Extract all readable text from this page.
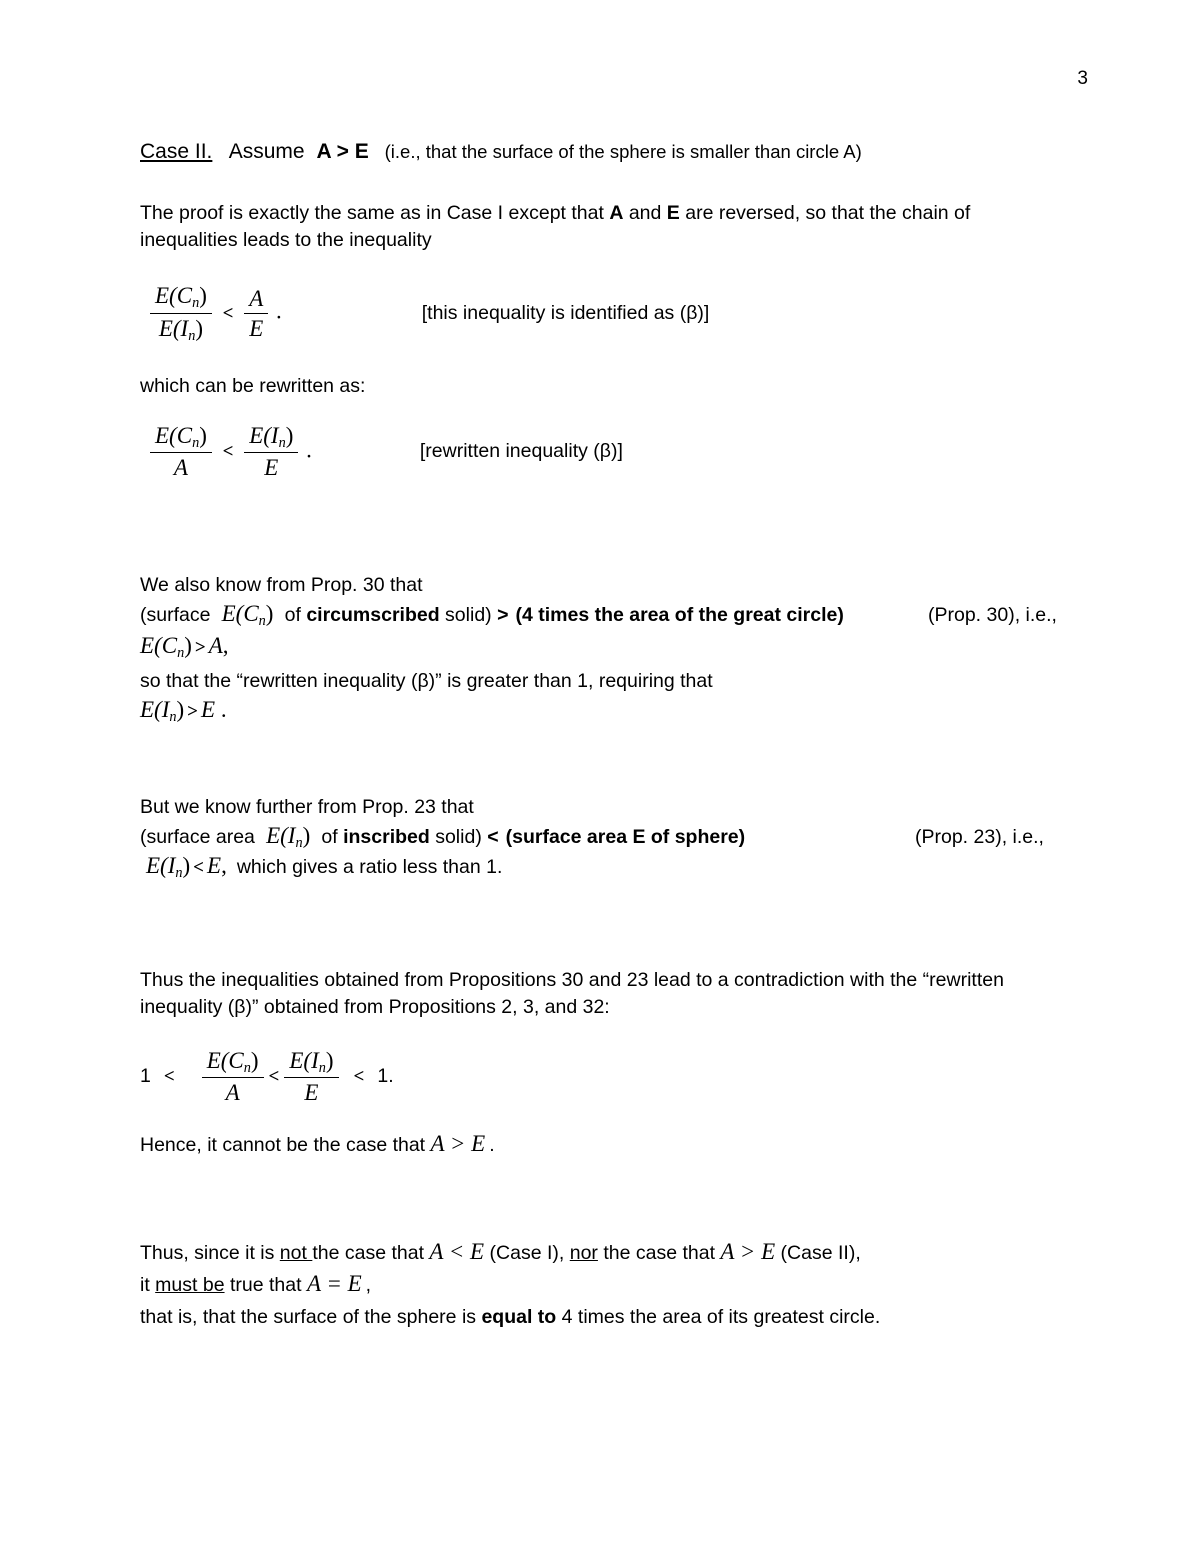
3
Case II. Assume A > E (i.e., that the surface of the sphere is smaller than circle A)
The proof is exactly the same as in Case I except that A and E are reversed, so that the chain of
inequalities leads to the inequality
$\frac{E(C_n)}{E(I_n)} < \frac{A}{E}$ .	[this inequality is identified as (β)]
which can be rewritten as:
$\frac{E(C_n)}{A} < \frac{E(I_n)}{E}$ .	[rewritten inequality (β)]
We also know from Prop. 30 that
(surface  $E(C_n)$  of circumscribed solid) > (4 times the area of the great circle)	(Prop. 30), i.e.,
$E(C_n) > A$,
so that the “rewritten inequality (β)” is greater than 1, requiring that
$E(I_n) > E$ .
But we know further from Prop. 23 that
(surface area  $E(I_n)$  of inscribed solid) < (surface area E of sphere)	(Prop. 23), i.e.,
$E(I_n) < E$, which gives a ratio less than 1.
Thus the inequalities obtained from Propositions 30 and 23 lead to a contradiction with the “rewritten
inequality (β)” obtained from Propositions 2, 3, and 32:
$1 < \frac{E(C_n)}{A} < \frac{E(I_n)}{E} < 1$.
Hence, it cannot be the case that A > E .
Thus, since it is not the case that A < E (Case I), nor the case that A > E (Case II),
it must be true that A = E ,
that is, that the surface of the sphere is equal to 4 times the area of its greatest circle.
